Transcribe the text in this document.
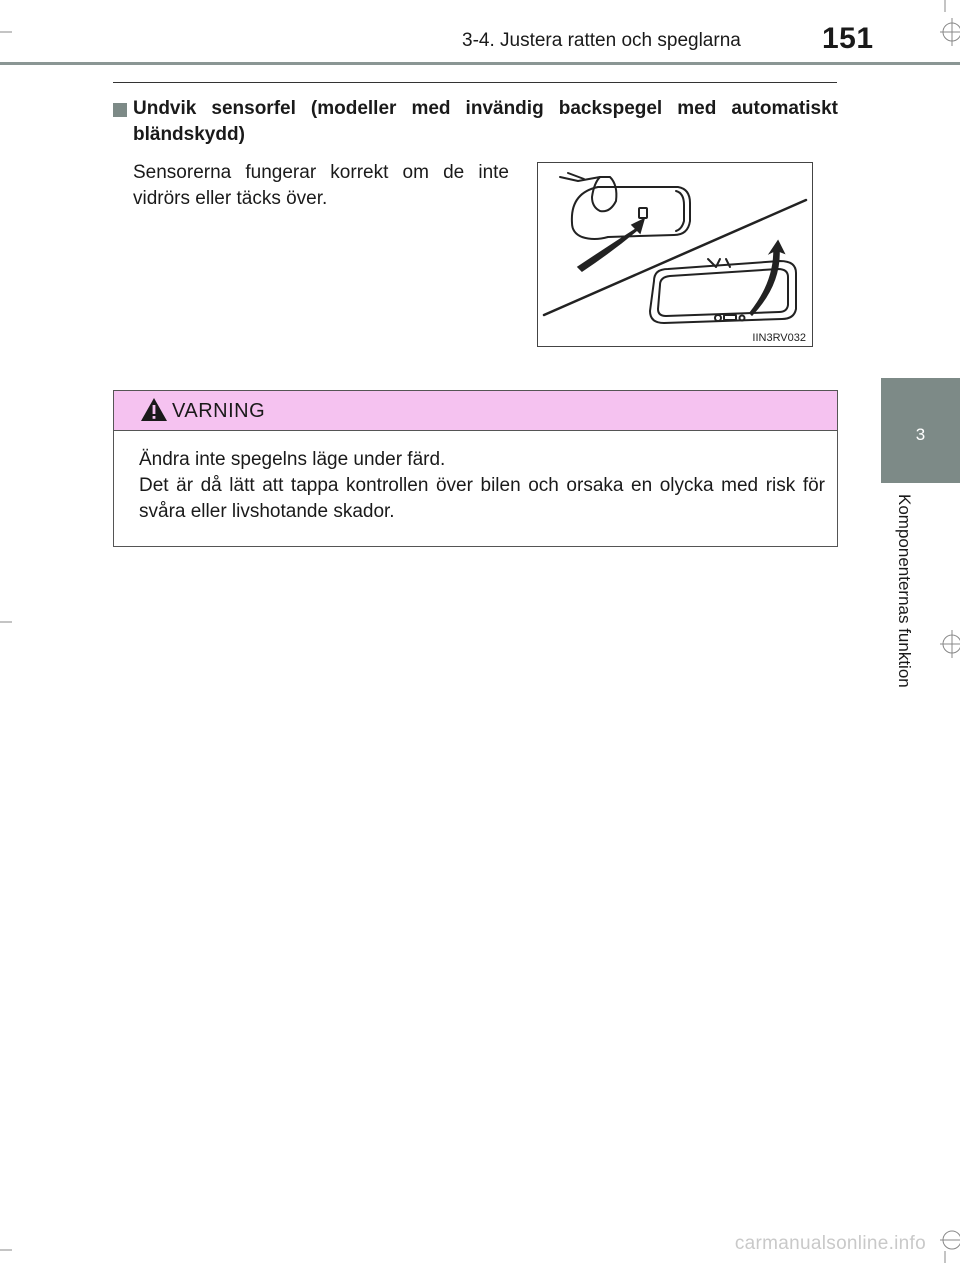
3-4. Justera ratten och speglarna	151
3
Komponenternas funktion
Undvik sensorfel (modeller med invändig backspegel med automatiskt bländskydd)
Sensorerna fungerar korrekt om de inte vidrörs eller täcks över.
IIN3RV032
VARNING
Ändra inte spegelns läge under färd.
Det är då lätt att tappa kontrollen över bilen och orsaka en olycka med risk för svåra eller livshotande skador.
carmanualsonline.info
